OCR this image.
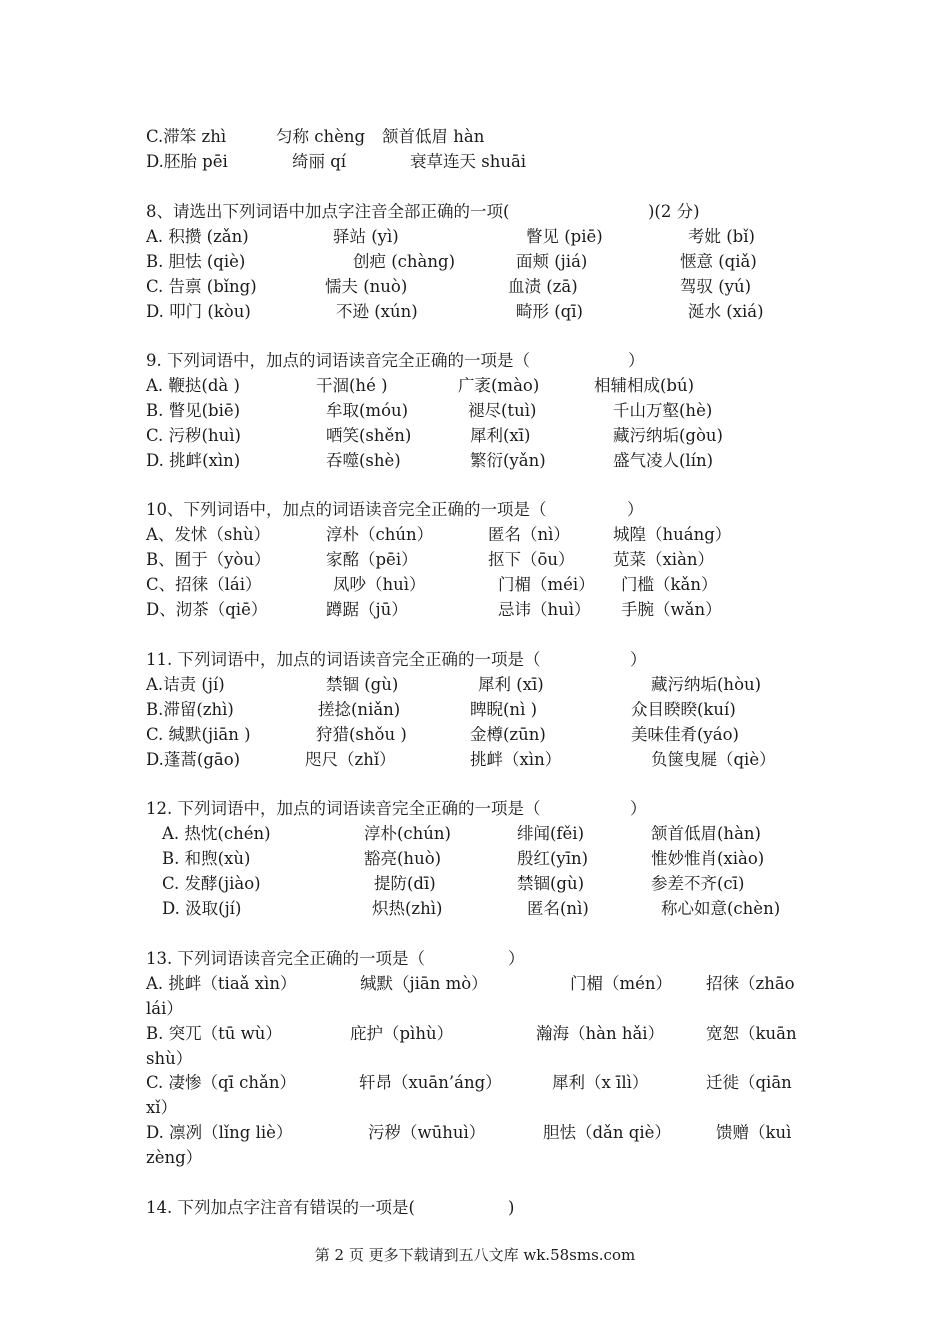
C.滞笨 zhì	匀称 chèng 颔首低眉 hàn
D.胚胎 pēi	绮丽 qí	衰草连天 shuāi
8、请选出下列词语中加点字注音全部正确的一项(	)(2 分)
A. 积攒 (zǎn)	驿站 (yì)	瞥见 (piē)	考妣 (bǐ)
B. 胆怯 (qiè)	创疤 (chàng)	面颊 (jiá)	惬意 (qiǎ)
C. 告禀 (bǐng)	懦夫 (nuò)	血渍 (zā)	驾驭 (yú)
D. 叩门 (kòu)	不逊 (xún)	畸形 (qī)	涎水 (xiá)
9. 下列词语中，加点的词语读音完全正确的一项是（	）
A. 鞭挞(dà )	干涸(hé )	广袤(mào)	相辅相成(bú)
B. 瞥见(biē)	牟取(móu)	褪尽(tuì)	千山万壑(hè)
C. 污秽(huì)	哂笑(shěn)	犀利(xī)	藏污纳垢(gòu)
D. 挑衅(xìn)	吞噬(shè)	繁衍(yǎn)	盛气凌人(lín)
10、下列词语中，加点的词语读音完全正确的一项是（	）
A、发怵（shù）	淳朴（chún）	匿名（nì）	城隍（huáng）
B、囿于（yòu）	家酩（pēi）	抠下（ōu） 苋菜（xiàn）
C、招徕（lái）	凤吵（huì）	门楣（méi） 门槛（kǎn）
D、沏茶（qiē）	蹲踞（jū）	忌讳（huì） 手腕（wǎn）
11. 下列词语中，加点的词语读音完全正确的一项是（	）
A.诘责 (jí)	禁锢 (gù)	犀利 (xī)	藏污纳垢(hòu)
B.滞留(zhì)	搓捻(niǎn)	睥睨(nì )	众目睽睽(kuí)
C. 缄默(jiān )	狩猎(shǒu )	金樽(zūn)	美味佳肴(yáo)
D.蓬蒿(gāo)	咫尺（zhǐ）	挑衅（xìn）	负箧曳屣（qiè）
12. 下列词语中，加点的词语读音完全正确的一项是（	）
A. 热忱(chén)	淳朴(chún)	绯闻(fěi)	颔首低眉(hàn)
B. 和煦(xù)	豁亮(huò)	殷红(yīn)	惟妙惟肖(xiào)
C. 发酵(jiào)	提防(dī)	禁锢(gù)	参差不齐(cī)
D. 汲取(jí)	炽热(zhì)	匿名(nì)	称心如意(chèn)
13. 下列词语读音完全正确的一项是（	）
A. 挑衅（tiaǎ xìn）	缄默（jiān mò）	门楣（mén） 招徕（zhāo
lái）
B. 突兀（tū wù）	庇护（pìhù）	瀚海（hàn hǎi）	宽恕（kuān
shù）
C. 凄惨（qī chǎn）	轩昂（xuān’áng）	犀利（x īlì）	迁徙（qiān
xǐ）
D. 凛冽（lǐng liè）	污秽（wūhuì）	胆怯（dǎn qiè）	馈赠（kuì
zèng）
14. 下列加点字注音有错误的一项是(	)
第 2 页 更多下载请到五八文库 wk.58sms.com
